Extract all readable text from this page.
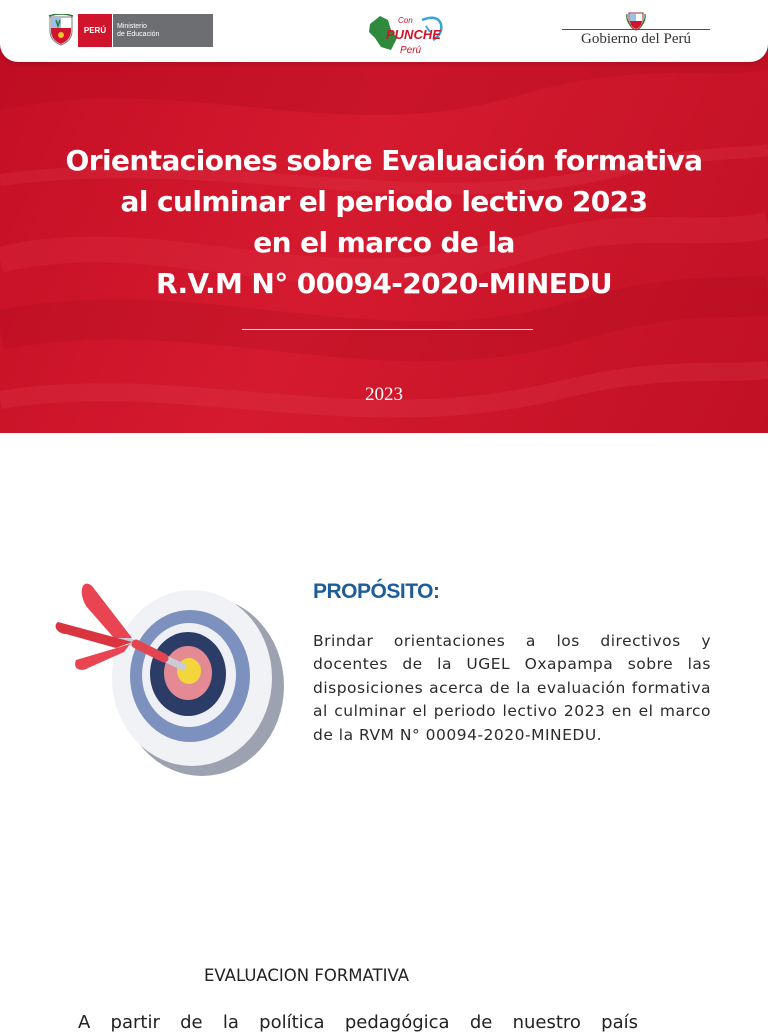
PERÚ	Ministerio
de Educación
Con
PUNCHE
Perú
Gobierno del Perú
Orientaciones sobre Evaluación formativa
al culminar el periodo lectivo 2023
en el marco de la
R.V.M N° 00094-2020-MINEDU
2023
PROPÓSITO:

Brindar orientaciones a los directivos y docentes de la UGEL Oxapampa sobre las disposiciones acerca de la evaluación formativa al culminar el periodo lectivo 2023 en el marco de la RVM N° 00094-2020-MINEDU.

EVALUACION FORMATIVA

A partir de la política pedagógica de nuestro país
